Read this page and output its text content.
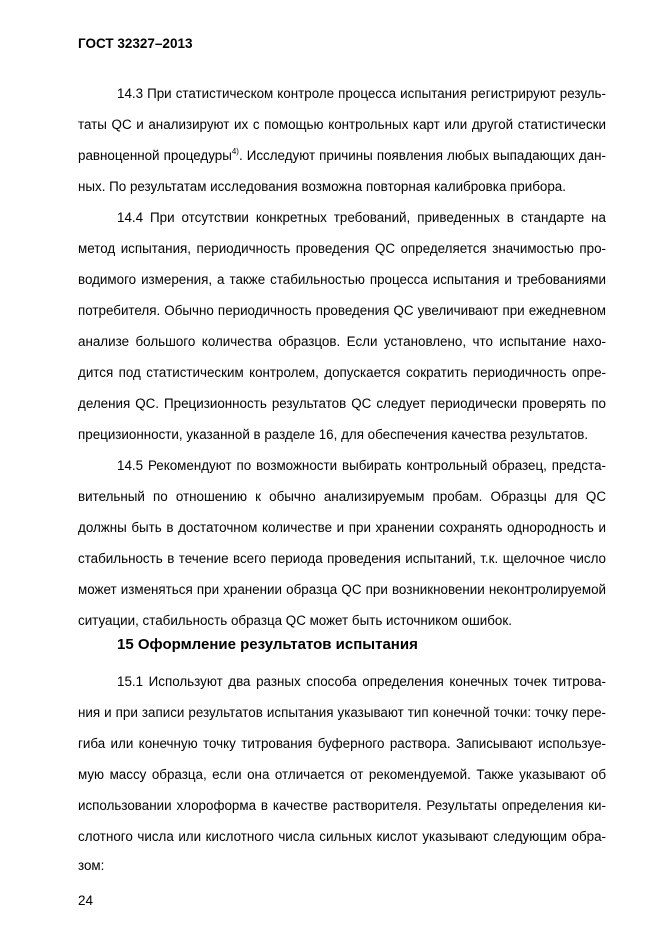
ГОСТ 32327–2013
14.3 При статистическом контроле процесса испытания регистрируют резуль-
таты QC и анализируют их с помощью контрольных карт или другой статистически
равноценной процедуры$^{4)}$. Исследуют причины появления любых выпадающих дан-
ных. По результатам исследования возможна повторная калибровка прибора.
14.4 При отсутствии конкретных требований, приведенных в стандарте на
метод испытания, периодичность проведения QC определяется значимостью про-
водимого измерения, а также стабильностью процесса испытания и требованиями
потребителя. Обычно периодичность проведения QC увеличивают при ежедневном
анализе большого количества образцов. Если установлено, что испытание нахо-
дится под статистическим контролем, допускается сократить периодичность опре-
деления QC. Прецизионность результатов QC следует периодически проверять по
прецизионности, указанной в разделе 16, для обеспечения качества результатов.
14.5 Рекомендуют по возможности выбирать контрольный образец, предста-
вительный по отношению к обычно анализируемым пробам. Образцы для QC
должны быть в достаточном количестве и при хранении сохранять однородность и
стабильность в течение всего периода проведения испытаний, т.к. щелочное число
может изменяться при хранении образца QC при возникновении неконтролируемой
ситуации, стабильность образца QC может быть источником ошибок.
15 Оформление результатов испытания
15.1 Используют два разных способа определения конечных точек титрова-
ния и при записи результатов испытания указывают тип конечной точки: точку пере-
гиба или конечную точку титрования буферного раствора. Записывают используе-
мую массу образца, если она отличается от рекомендуемой. Также указывают об
использовании хлороформа в качестве растворителя. Результаты определения ки-
слотного числа или кислотного числа сильных кислот указывают следующим обра-
зом:
24
